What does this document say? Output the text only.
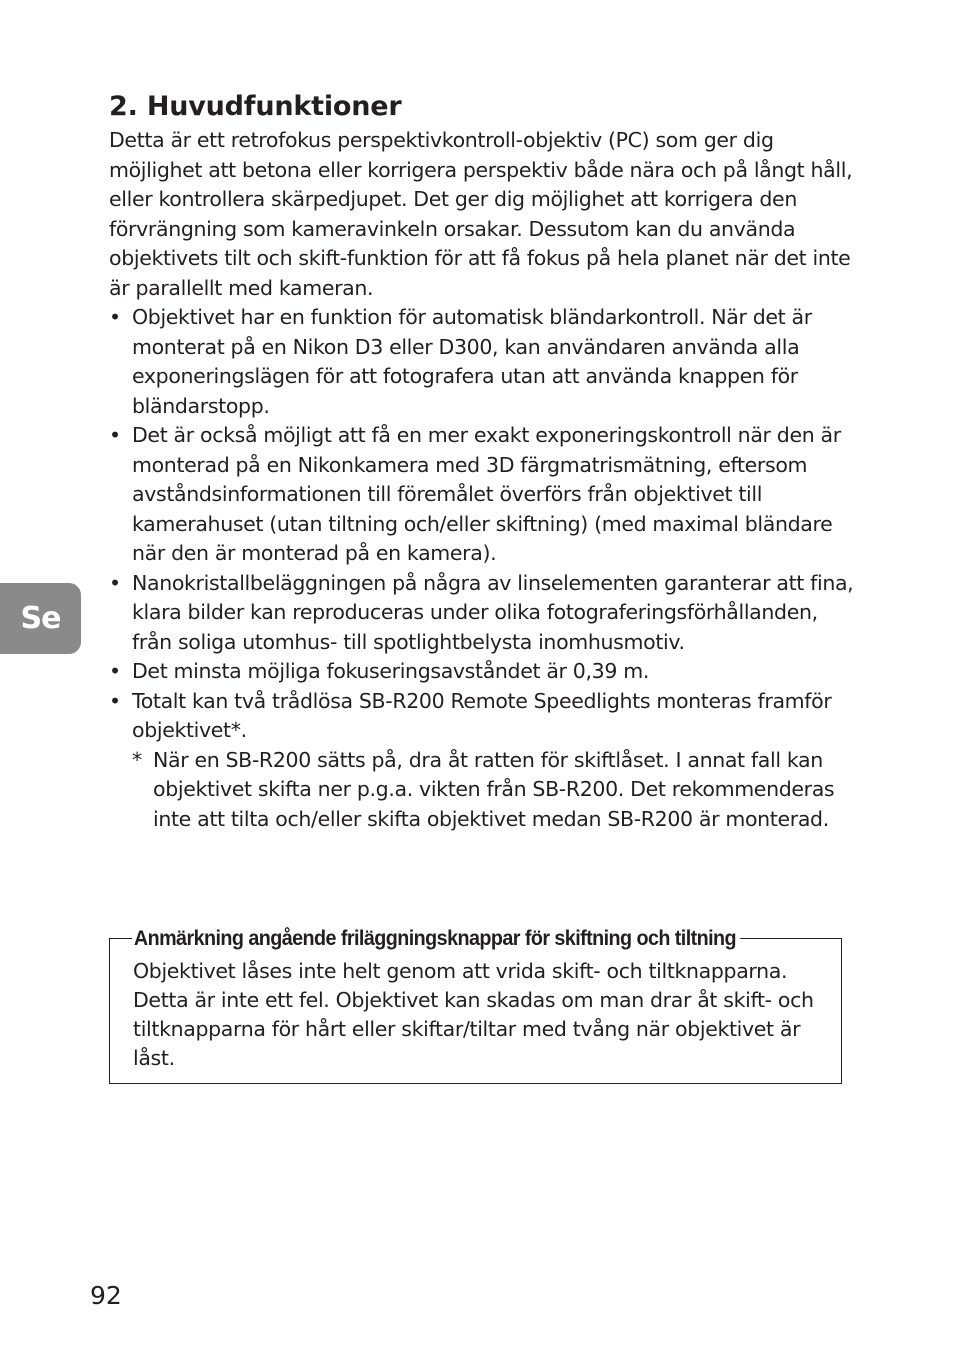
2. Huvudfunktioner

Detta är ett retrofokus perspektivkontroll-objektiv (PC) som ger dig möjlighet att betona eller korrigera perspektiv både nära och på långt håll, eller kontrollera skärpedjupet. Det ger dig möjlighet att korrigera den förvrängning som kameravinkeln orsakar. Dessutom kan du använda objektivets tilt och skift-funktion för att få fokus på hela planet när det inte är parallellt med kameran.

• Objektivet har en funktion för automatisk bländarkontroll. När det är monterat på en Nikon D3 eller D300, kan användaren använda alla exponeringslägen för att fotografera utan att använda knappen för bländarstopp.
• Det är också möjligt att få en mer exakt exponeringskontroll när den är monterad på en Nikonkamera med 3D färgmatrismätning, eftersom avståndsinformationen till föremålet överförs från objektivet till kamerahuset (utan tiltning och/eller skiftning) (med maximal bländare när den är monterad på en kamera).
• Nanokristallbeläggningen på några av linselementen garanterar att fina, klara bilder kan reproduceras under olika fotograferingsförhållanden, från soliga utomhus- till spotlightbelysta inomhusmotiv.
• Det minsta möjliga fokuseringsavståndet är 0,39 m.
• Totalt kan två trådlösa SB-R200 Remote Speedlights monteras framför objektivet*.
* När en SB-R200 sätts på, dra åt ratten för skiftlåset. I annat fall kan objektivet skifta ner p.g.a. vikten från SB-R200. Det rekommenderas inte att tilta och/eller skifta objektivet medan SB-R200 är monterad.
Anmärkning angående friläggningsknappar för skiftning och tiltning

Objektivet låses inte helt genom att vrida skift- och tiltknapparna. Detta är inte ett fel. Objektivet kan skadas om man drar åt skift- och tiltknapparna för hårt eller skiftar/tiltar med tvång när objektivet är låst.

Se
92
